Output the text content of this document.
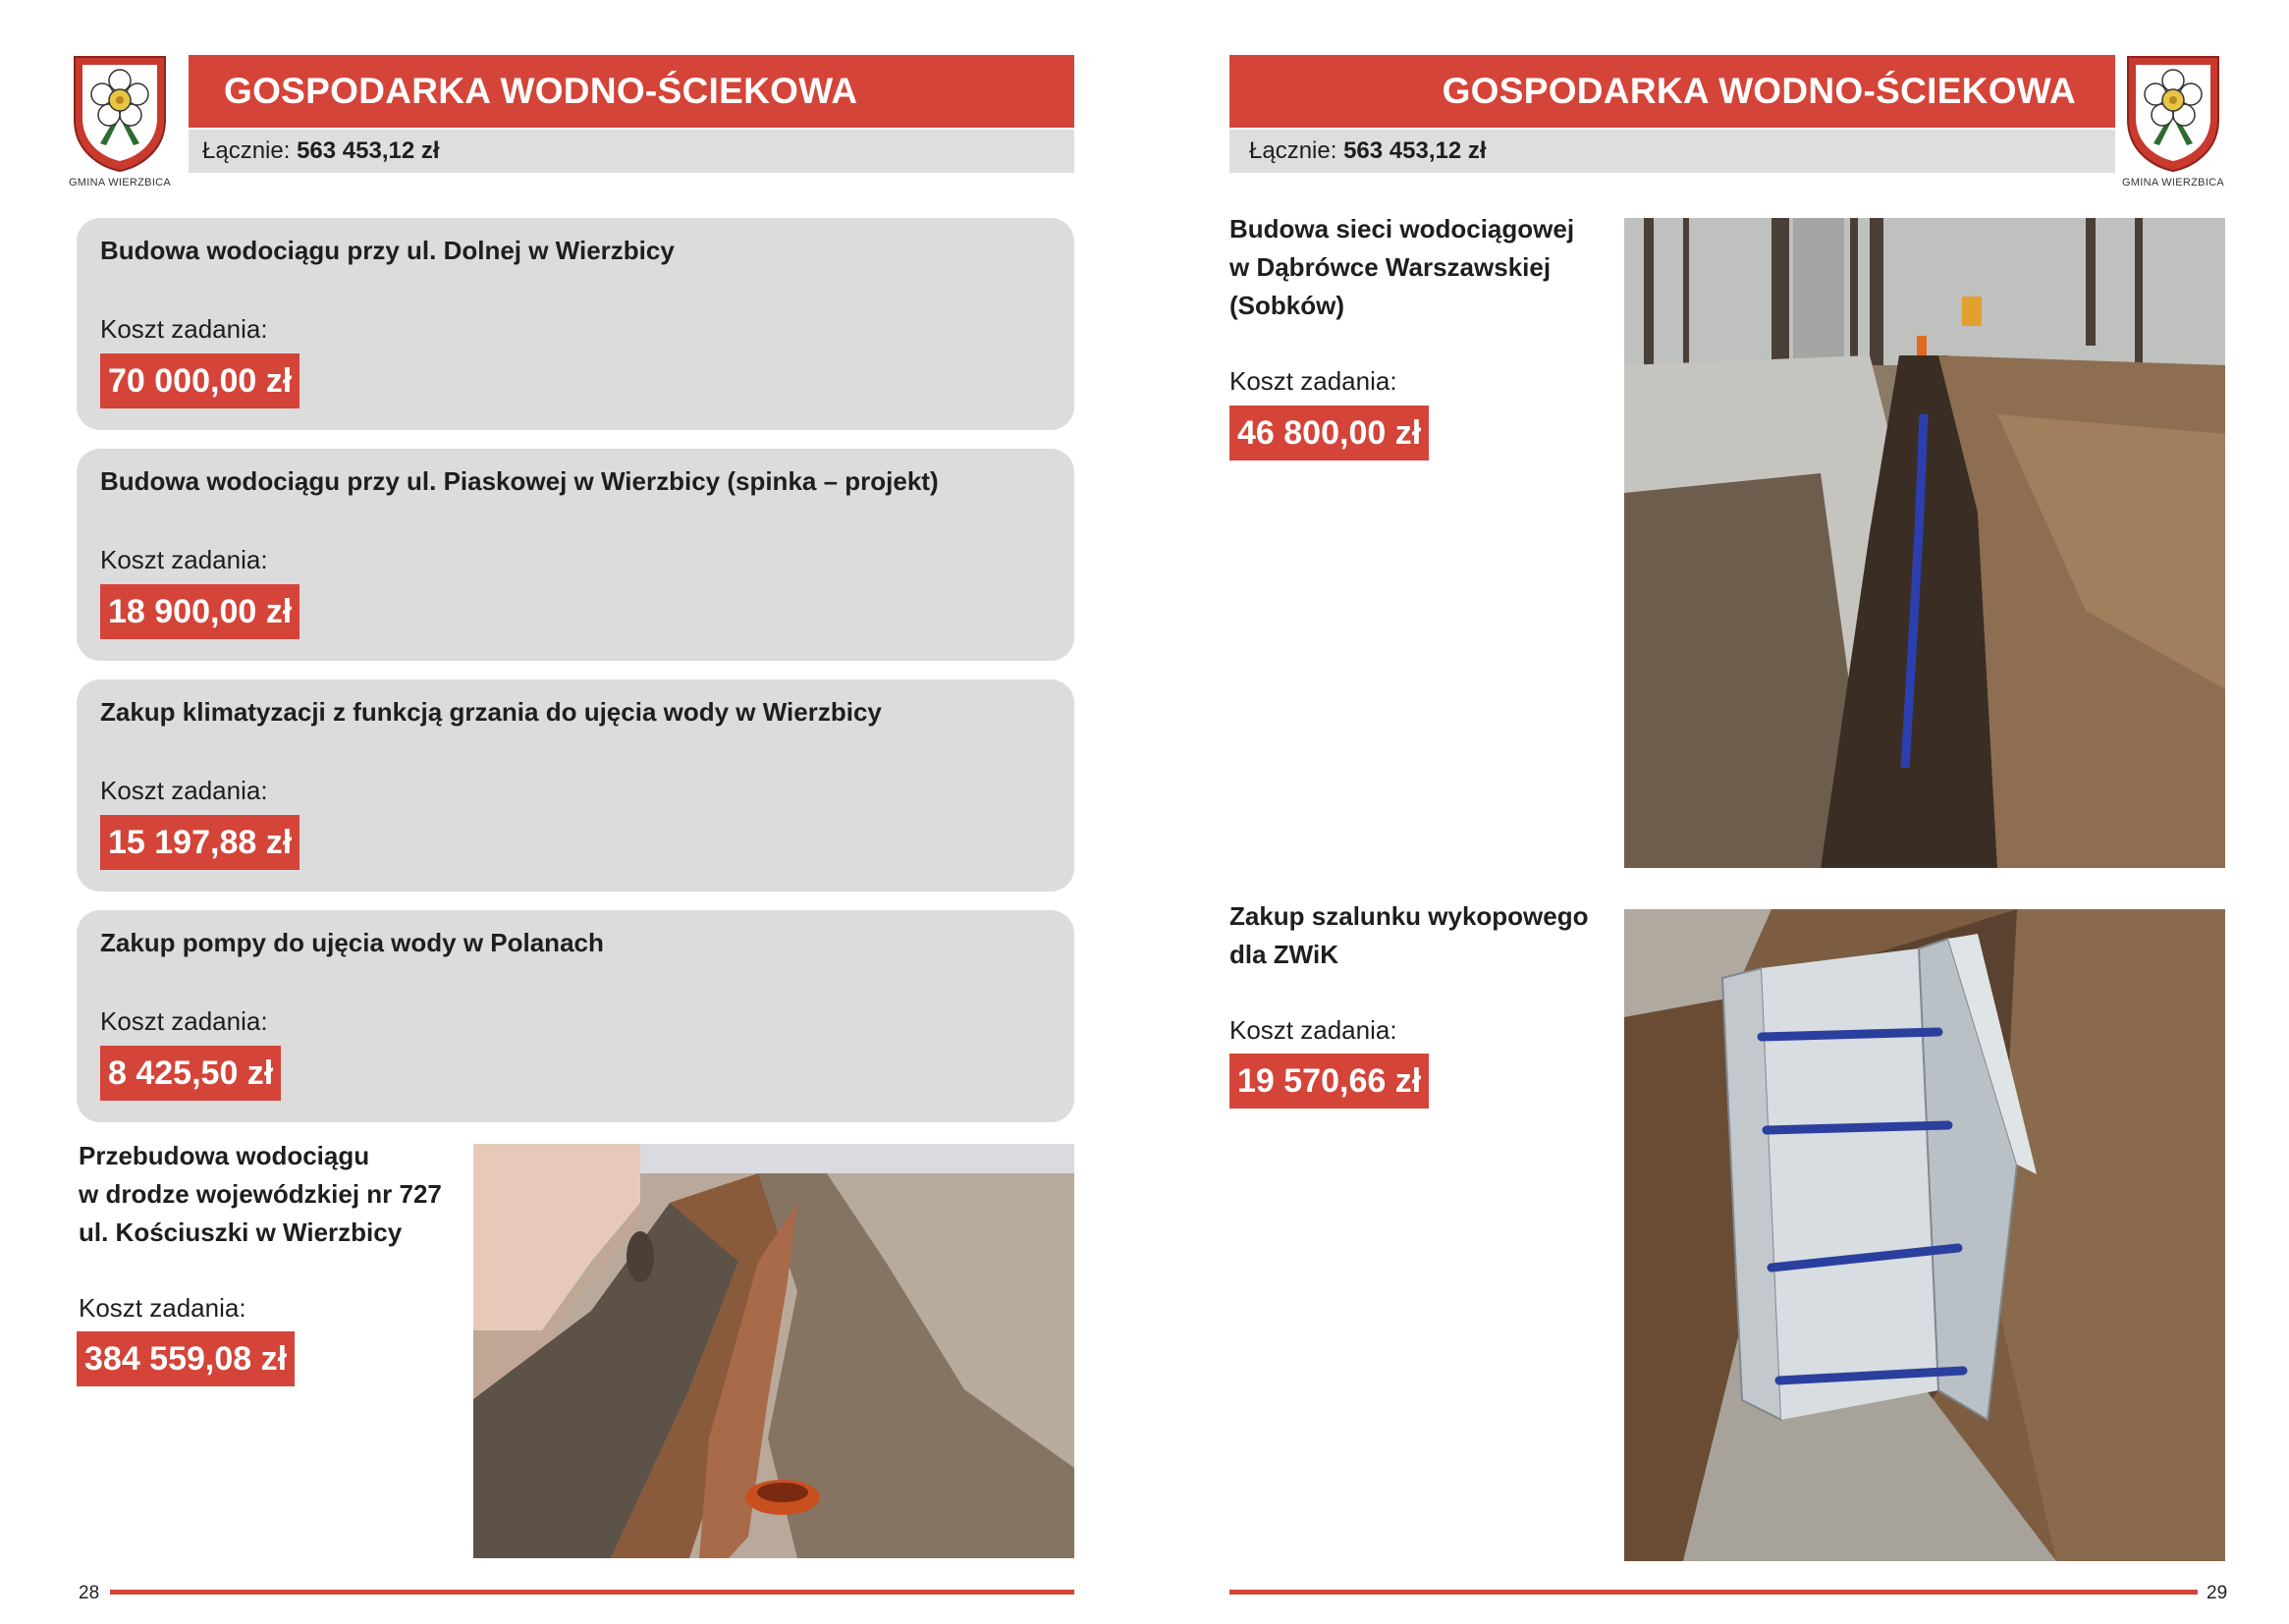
GMINA WIERZBICA
GOSPODARKA WODNO-ŚCIEKOWA
Łącznie: 563 453,12 zł
Budowa wodociągu przy ul. Dolnej w Wierzbicy
Koszt zadania:
70 000,00 zł
Budowa wodociągu przy ul. Piaskowej w Wierzbicy (spinka – projekt)
Koszt zadania:
18 900,00 zł
Zakup klimatyzacji z funkcją grzania do ujęcia wody w Wierzbicy
Koszt zadania:
15 197,88 zł
Zakup pompy do ujęcia wody w Polanach
Koszt zadania:
8 425,50 zł
Przebudowa wodociągu
w drodze wojewódzkiej nr 727
ul. Kościuszki w Wierzbicy
Koszt zadania:
384 559,08 zł
28
GOSPODARKA WODNO-ŚCIEKOWA
Łącznie: 563 453,12 zł
GMINA WIERZBICA
Budowa sieci wodociągowej
w Dąbrówce Warszawskiej
(Sobków)
Koszt zadania:
46 800,00 zł
Zakup szalunku wykopowego
dla ZWiK
Koszt zadania:
19 570,66 zł
29
